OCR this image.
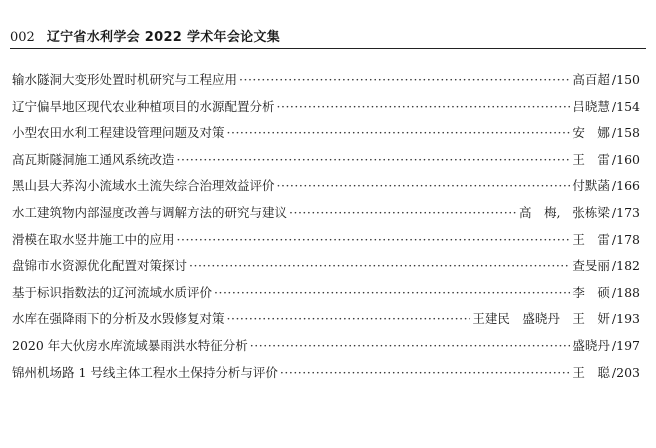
002 辽宁省水利学会 2022 学术年会论文集
输水隧洞大变形处置时机研究与工程应用 ·····	高百超 /150
辽宁偏旱地区现代农业种植项目的水源配置分析 ·····	吕晓慧 /154
小型农田水利工程建设管理问题及对策 ·····	安　娜 /158
高瓦斯隧洞施工通风系统改造 ·····	王　雷 /160
黑山县大荞沟小流域水土流失综合治理效益评价 ·····	付默菡 /166
水工建筑物内部湿度改善与调解方法的研究与建议 ·····	高　梅, 张栋梁 /173
滑模在取水竖井施工中的应用 ·····	王　雷 /178
盘锦市水资源优化配置对策探讨 ·····	查旻丽 /182
基于标识指数法的辽河流域水质评价 ·····	李　硕 /188
水库在强降雨下的分析及水毁修复对策 ·····	王建民　盛晓丹　王　妍 /193
2020 年大伙房水库流域暴雨洪水特征分析 ·····	盛晓丹 /197
锦州机场路 1 号线主体工程水土保持分析与评价 ·····	王　聪 /203
